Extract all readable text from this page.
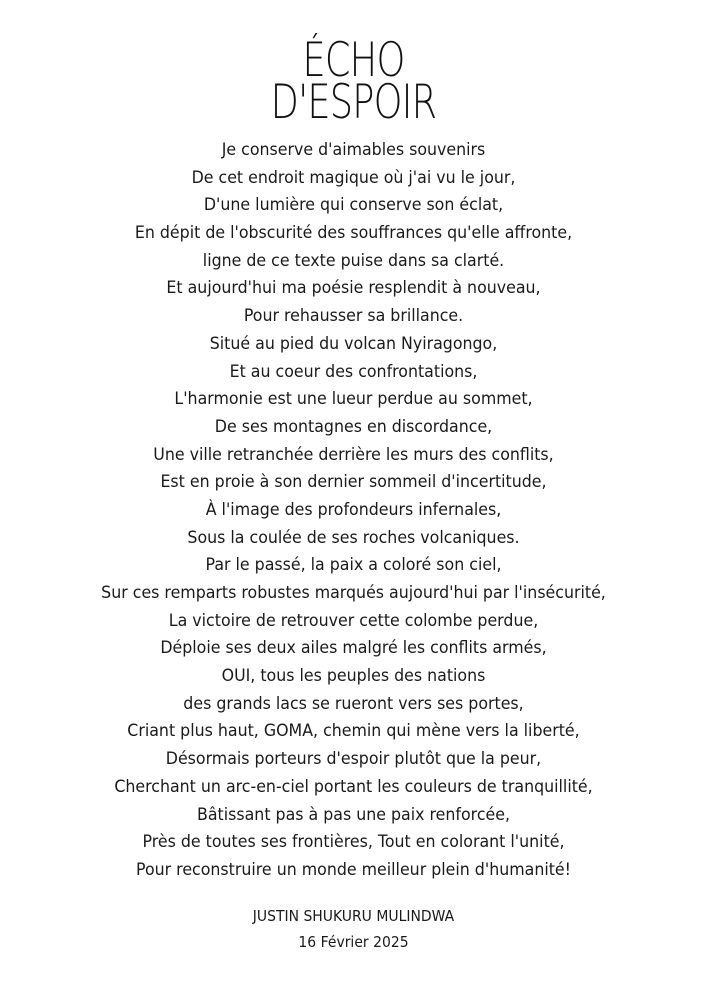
ÉCHO
D'ESPOIR
Je conserve d'aimables souvenirs
De cet endroit magique où j'ai vu le jour,
D'une lumière qui conserve son éclat,
En dépit de l'obscurité des souffrances qu'elle affronte,
ligne de ce texte puise dans sa clarté.
Et aujourd'hui ma poésie resplendit à nouveau,
Pour rehausser sa brillance.
Situé au pied du volcan Nyiragongo,
Et au coeur des confrontations,
L'harmonie est une lueur perdue au sommet,
De ses montagnes en discordance,
Une ville retranchée derrière les murs des conflits,
Est en proie à son dernier sommeil d'incertitude,
À l'image des profondeurs infernales,
Sous la coulée de ses roches volcaniques.
Par le passé, la paix a coloré son ciel,
Sur ces remparts robustes marqués aujourd'hui par l'insécurité,
La victoire de retrouver cette colombe perdue,
Déploie ses deux ailes malgré les conflits armés,
OUI, tous les peuples des nations
des grands lacs se rueront vers ses portes,
Criant plus haut, GOMA, chemin qui mène vers la liberté,
Désormais porteurs d'espoir plutôt que la peur,
Cherchant un arc-en-ciel portant les couleurs de tranquillité,
Bâtissant pas à pas une paix renforcée,
Près de toutes ses frontières, Tout en colorant l'unité,
Pour reconstruire un monde meilleur plein d'humanité!
JUSTIN SHUKURU MULINDWA
16 Février 2025
